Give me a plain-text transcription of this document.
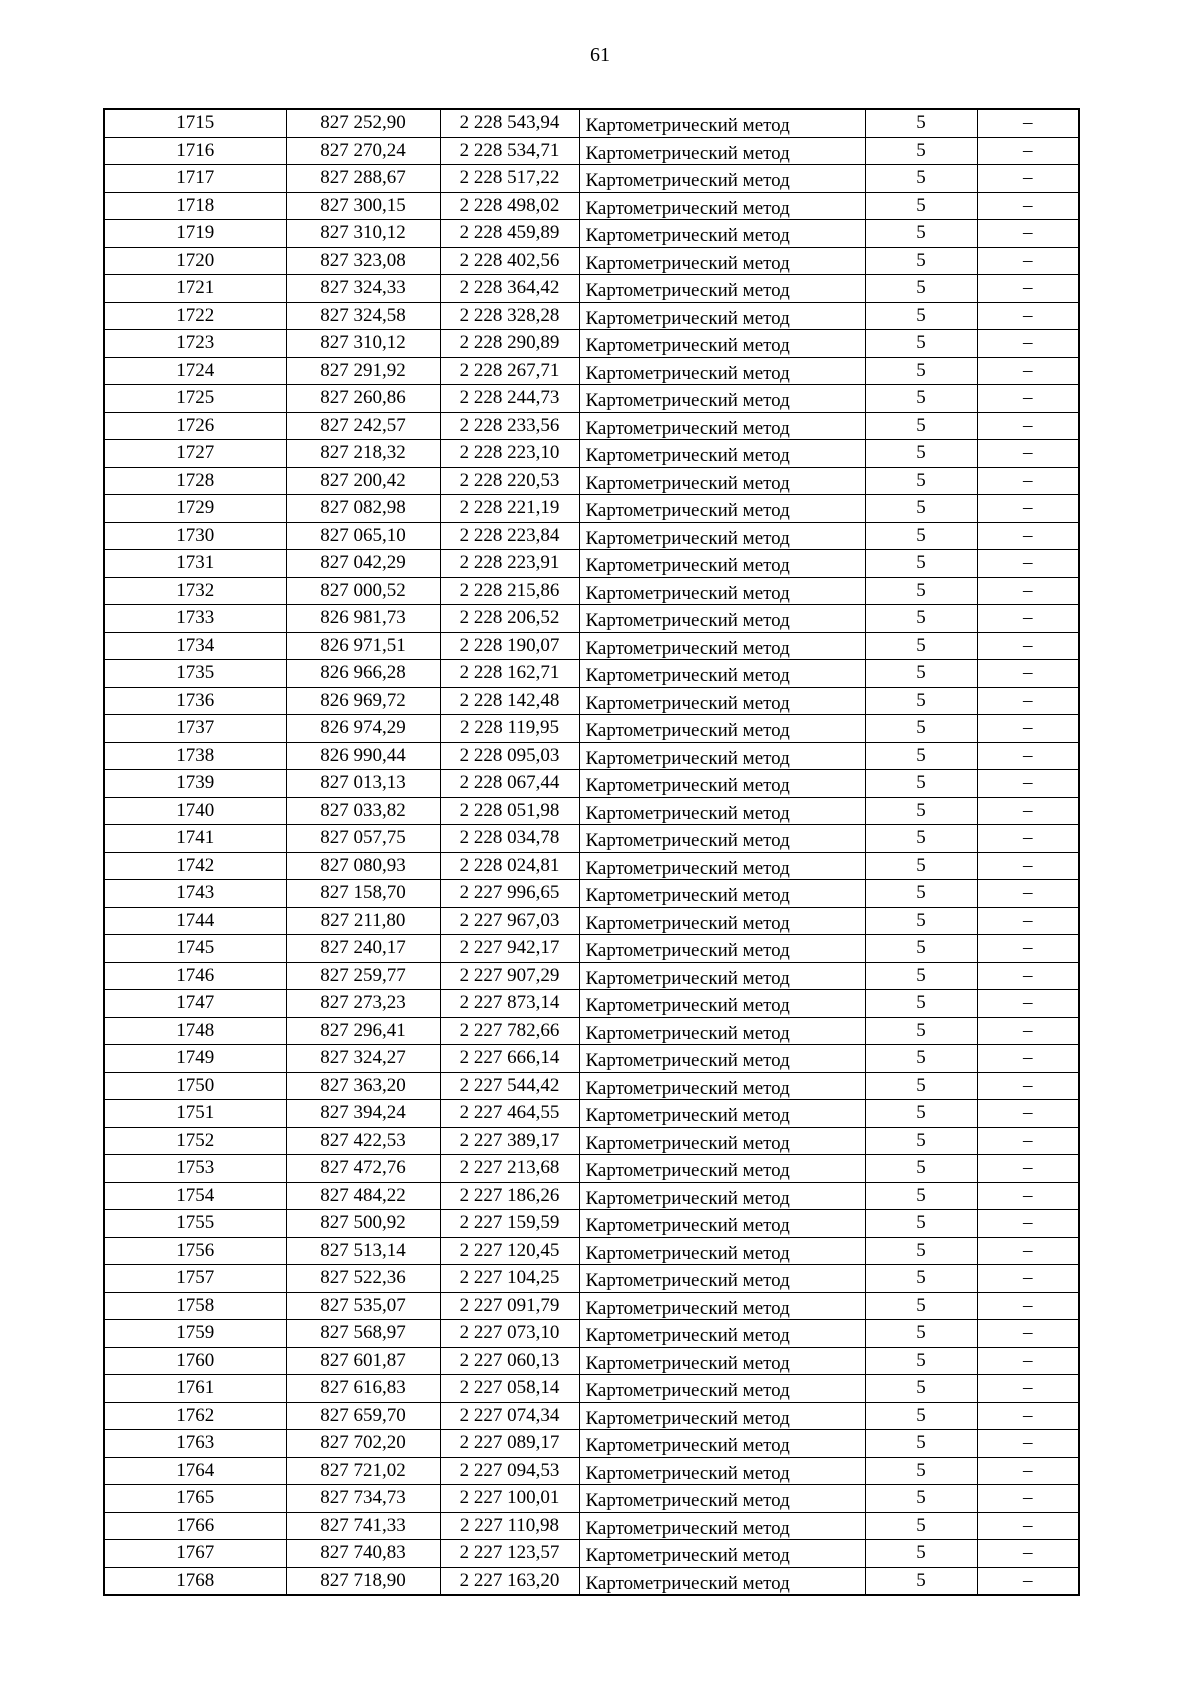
61
1715	827 252,90	2 228 543,94	Картометрический метод	5	–
1716	827 270,24	2 228 534,71	Картометрический метод	5	–
1717	827 288,67	2 228 517,22	Картометрический метод	5	–
1718	827 300,15	2 228 498,02	Картометрический метод	5	–
1719	827 310,12	2 228 459,89	Картометрический метод	5	–
1720	827 323,08	2 228 402,56	Картометрический метод	5	–
1721	827 324,33	2 228 364,42	Картометрический метод	5	–
1722	827 324,58	2 228 328,28	Картометрический метод	5	–
1723	827 310,12	2 228 290,89	Картометрический метод	5	–
1724	827 291,92	2 228 267,71	Картометрический метод	5	–
1725	827 260,86	2 228 244,73	Картометрический метод	5	–
1726	827 242,57	2 228 233,56	Картометрический метод	5	–
1727	827 218,32	2 228 223,10	Картометрический метод	5	–
1728	827 200,42	2 228 220,53	Картометрический метод	5	–
1729	827 082,98	2 228 221,19	Картометрический метод	5	–
1730	827 065,10	2 228 223,84	Картометрический метод	5	–
1731	827 042,29	2 228 223,91	Картометрический метод	5	–
1732	827 000,52	2 228 215,86	Картометрический метод	5	–
1733	826 981,73	2 228 206,52	Картометрический метод	5	–
1734	826 971,51	2 228 190,07	Картометрический метод	5	–
1735	826 966,28	2 228 162,71	Картометрический метод	5	–
1736	826 969,72	2 228 142,48	Картометрический метод	5	–
1737	826 974,29	2 228 119,95	Картометрический метод	5	–
1738	826 990,44	2 228 095,03	Картометрический метод	5	–
1739	827 013,13	2 228 067,44	Картометрический метод	5	–
1740	827 033,82	2 228 051,98	Картометрический метод	5	–
1741	827 057,75	2 228 034,78	Картометрический метод	5	–
1742	827 080,93	2 228 024,81	Картометрический метод	5	–
1743	827 158,70	2 227 996,65	Картометрический метод	5	–
1744	827 211,80	2 227 967,03	Картометрический метод	5	–
1745	827 240,17	2 227 942,17	Картометрический метод	5	–
1746	827 259,77	2 227 907,29	Картометрический метод	5	–
1747	827 273,23	2 227 873,14	Картометрический метод	5	–
1748	827 296,41	2 227 782,66	Картометрический метод	5	–
1749	827 324,27	2 227 666,14	Картометрический метод	5	–
1750	827 363,20	2 227 544,42	Картометрический метод	5	–
1751	827 394,24	2 227 464,55	Картометрический метод	5	–
1752	827 422,53	2 227 389,17	Картометрический метод	5	–
1753	827 472,76	2 227 213,68	Картометрический метод	5	–
1754	827 484,22	2 227 186,26	Картометрический метод	5	–
1755	827 500,92	2 227 159,59	Картометрический метод	5	–
1756	827 513,14	2 227 120,45	Картометрический метод	5	–
1757	827 522,36	2 227 104,25	Картометрический метод	5	–
1758	827 535,07	2 227 091,79	Картометрический метод	5	–
1759	827 568,97	2 227 073,10	Картометрический метод	5	–
1760	827 601,87	2 227 060,13	Картометрический метод	5	–
1761	827 616,83	2 227 058,14	Картометрический метод	5	–
1762	827 659,70	2 227 074,34	Картометрический метод	5	–
1763	827 702,20	2 227 089,17	Картометрический метод	5	–
1764	827 721,02	2 227 094,53	Картометрический метод	5	–
1765	827 734,73	2 227 100,01	Картометрический метод	5	–
1766	827 741,33	2 227 110,98	Картометрический метод	5	–
1767	827 740,83	2 227 123,57	Картометрический метод	5	–
1768	827 718,90	2 227 163,20	Картометрический метод	5	–
